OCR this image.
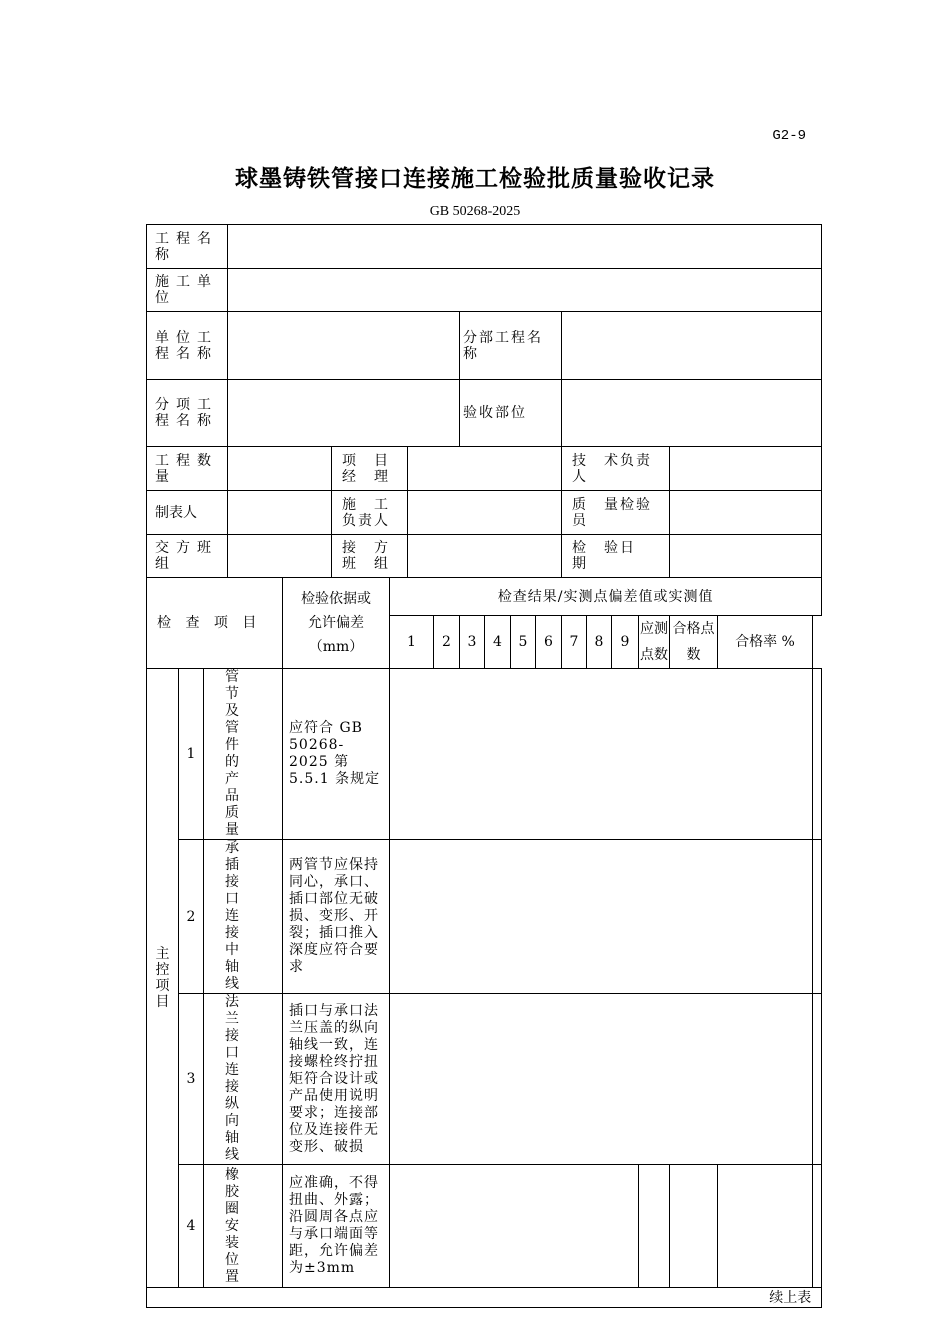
G2-9
球墨铸铁管接口连接施工检验批质量验收记录
GB 50268-2025
工程名称																			
施工单位																			
单位工程名称									分部工程名　　称										
分项工程名称									验收部位										
工程数量					项　目经　理								技　术负责人						
制表人					施　工负责人								质　量检验员						
交方班组					接　方班　组								检　验日　期						
检 查 项 目				检验依据或允许偏差（mm）		检查结果/实测点偏差值或实测值													
						1		2	3	4	5	6	7	8	9	应测点数	合格点数	合格率 %	
主控项目	1	管节及管件的产品质量		应符合 GB 50268-2025 第 5.5.1 条规定															
	2	承插接口连接中轴线		两管节应保持同心，承口、插口部位无破损、变形、开裂；插口推入深度应符合要求															
	3	法兰接口连接纵向轴线		插口与承口法兰压盖的纵向轴线一致，连接螺栓终拧扭矩符合设计或产品使用说明要求；连接部位及连接件无变形、破损															
	4	橡胶圈安装位置		应准确，不得扭曲、外露；沿圆周各点应与承口端面等距，允许偏差为±3mm															
续上表																			
